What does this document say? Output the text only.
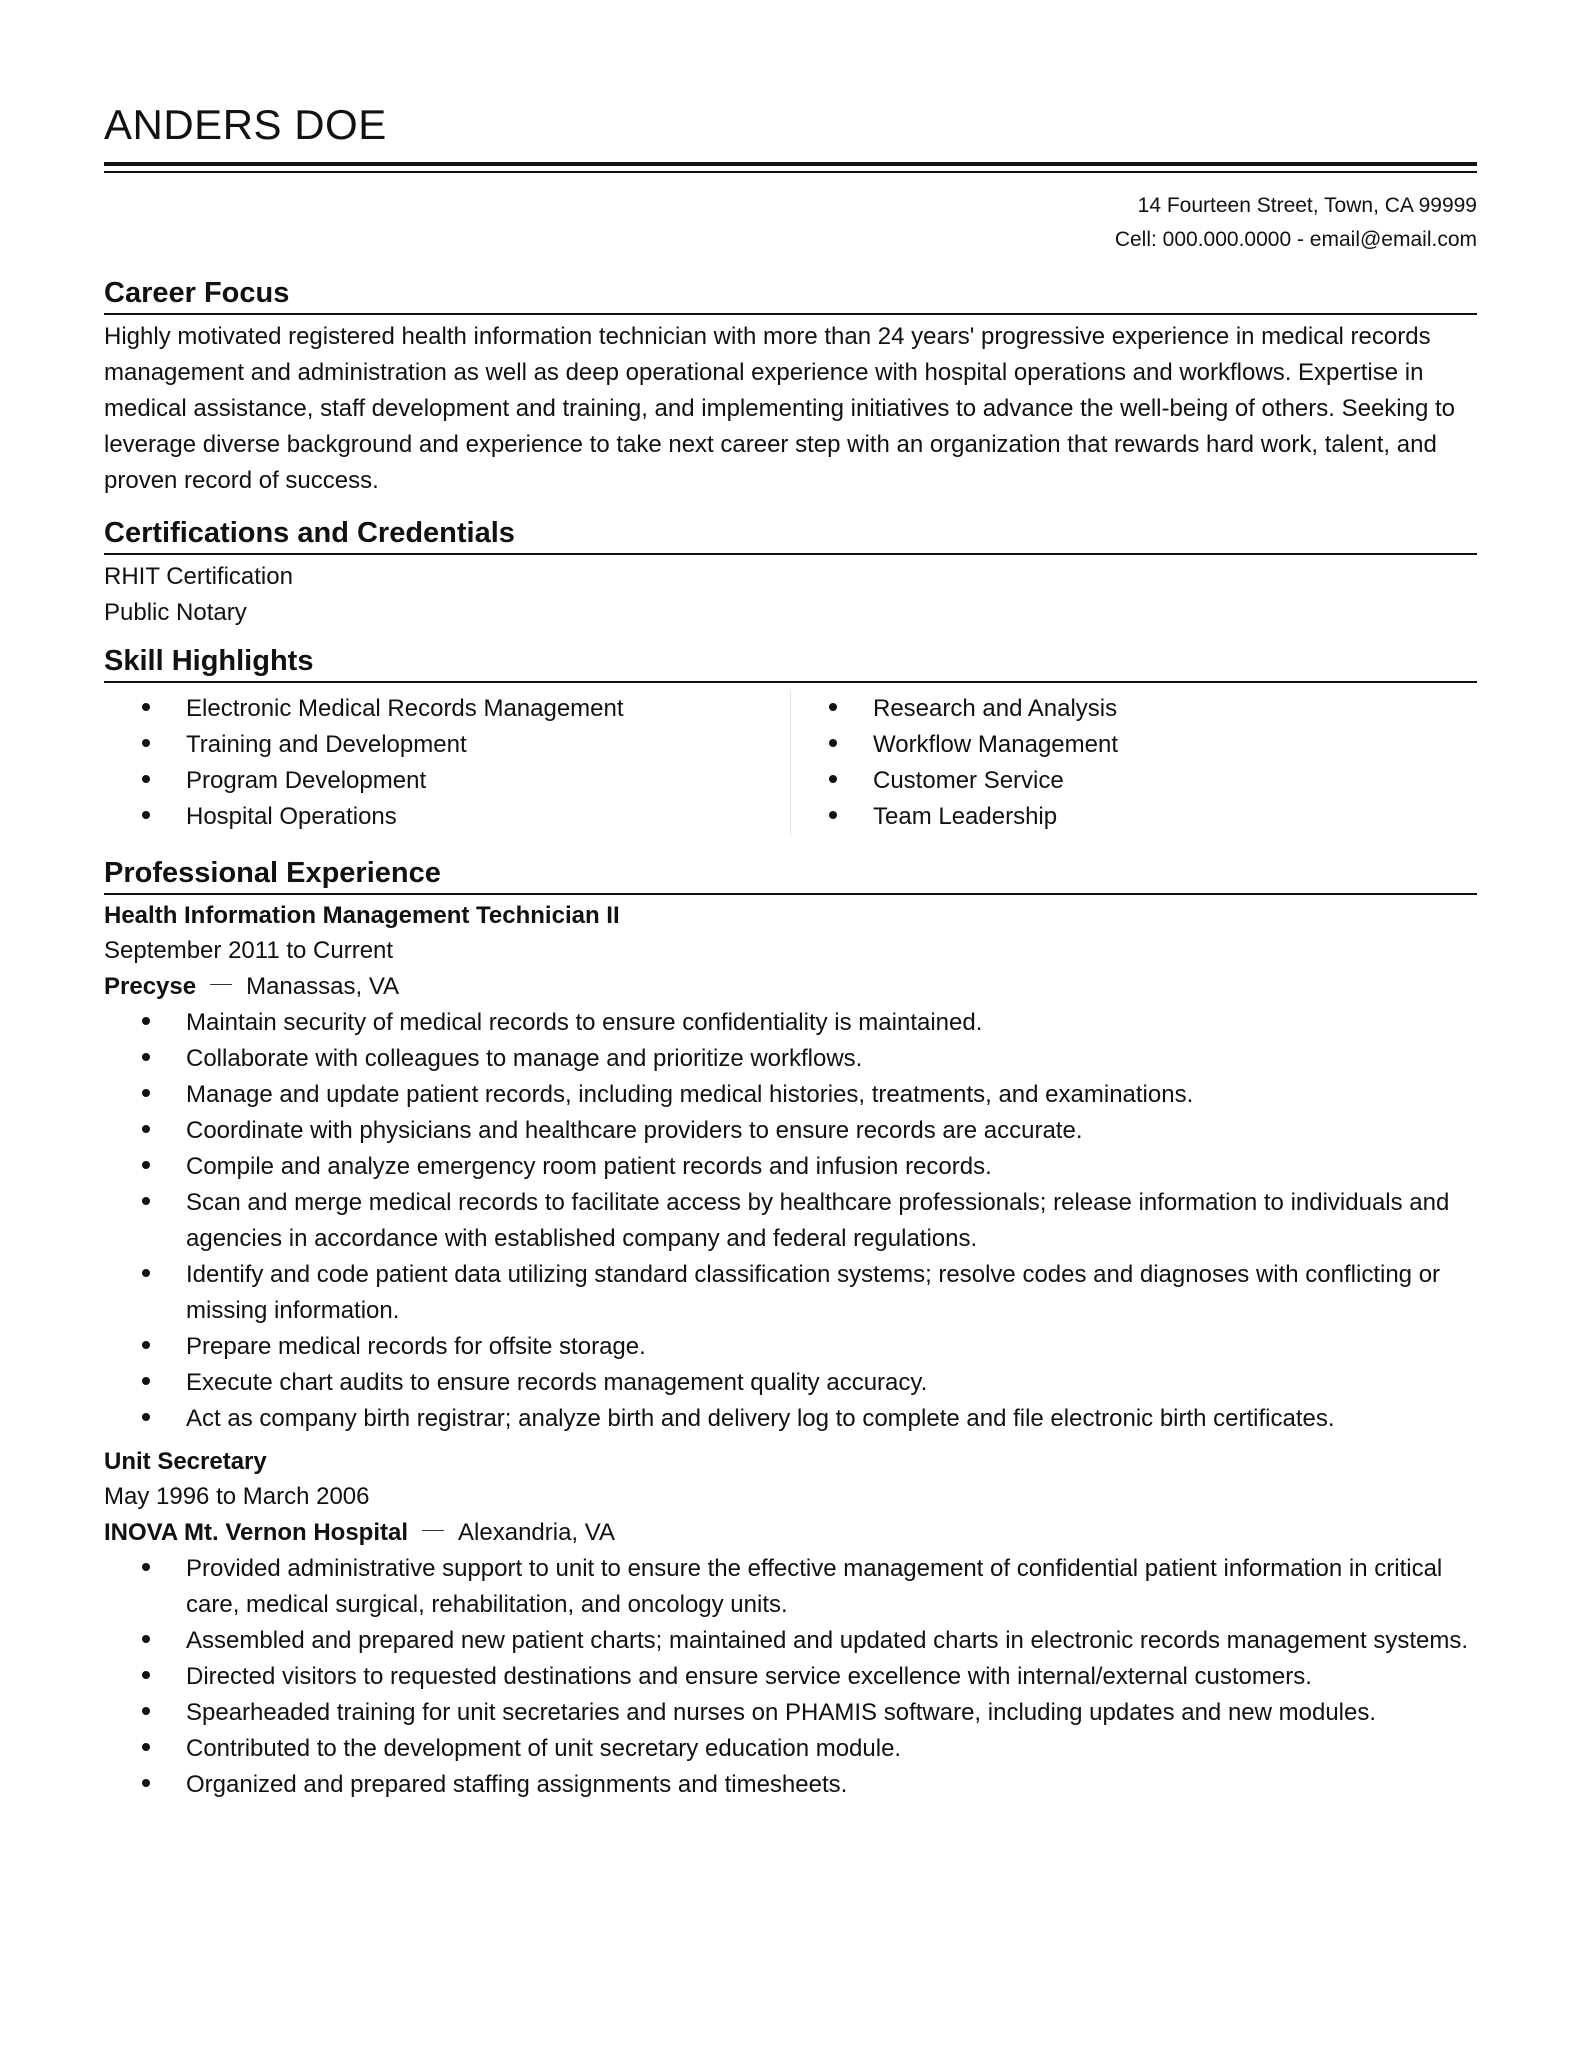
ANDERS DOE
14 Fourteen Street, Town, CA 99999
Cell: 000.000.0000 - email@email.com
Career Focus

Highly motivated registered health information technician with more than 24 years' progressive experience in medical records management and administration as well as deep operational experience with hospital operations and workflows. Expertise in medical assistance, staff development and training, and implementing initiatives to advance the well-being of others. Seeking to leverage diverse background and experience to take next career step with an organization that rewards hard work, talent, and proven record of success.

Certifications and Credentials

RHIT Certification

Public Notary

Skill Highlights
Electronic Medical Records Management
Training and Development
Program Development
Hospital Operations
Research and Analysis
Workflow Management
Customer Service
Team Leadership
Professional Experience

Health Information Management Technician II

September 2011 to Current

Precyse Manassas, VA

Maintain security of medical records to ensure confidentiality is maintained.
Collaborate with colleagues to manage and prioritize workflows.
Manage and update patient records, including medical histories, treatments, and examinations.
Coordinate with physicians and healthcare providers to ensure records are accurate.
Compile and analyze emergency room patient records and infusion records.
Scan and merge medical records to facilitate access by healthcare professionals; release information to individuals and agencies in accordance with established company and federal regulations.
Identify and code patient data utilizing standard classification systems; resolve codes and diagnoses with conflicting or missing information.
Prepare medical records for offsite storage.
Execute chart audits to ensure records management quality accuracy.
Act as company birth registrar; analyze birth and delivery log to complete and file electronic birth certificates.

Unit Secretary

May 1996 to March 2006

INOVA Mt. Vernon Hospital Alexandria, VA

Provided administrative support to unit to ensure the effective management of confidential patient information in critical care, medical surgical, rehabilitation, and oncology units.
Assembled and prepared new patient charts; maintained and updated charts in electronic records management systems.
Directed visitors to requested destinations and ensure service excellence with internal/external customers.
Spearheaded training for unit secretaries and nurses on PHAMIS software, including updates and new modules.
Contributed to the development of unit secretary education module.
Organized and prepared staffing assignments and timesheets.
